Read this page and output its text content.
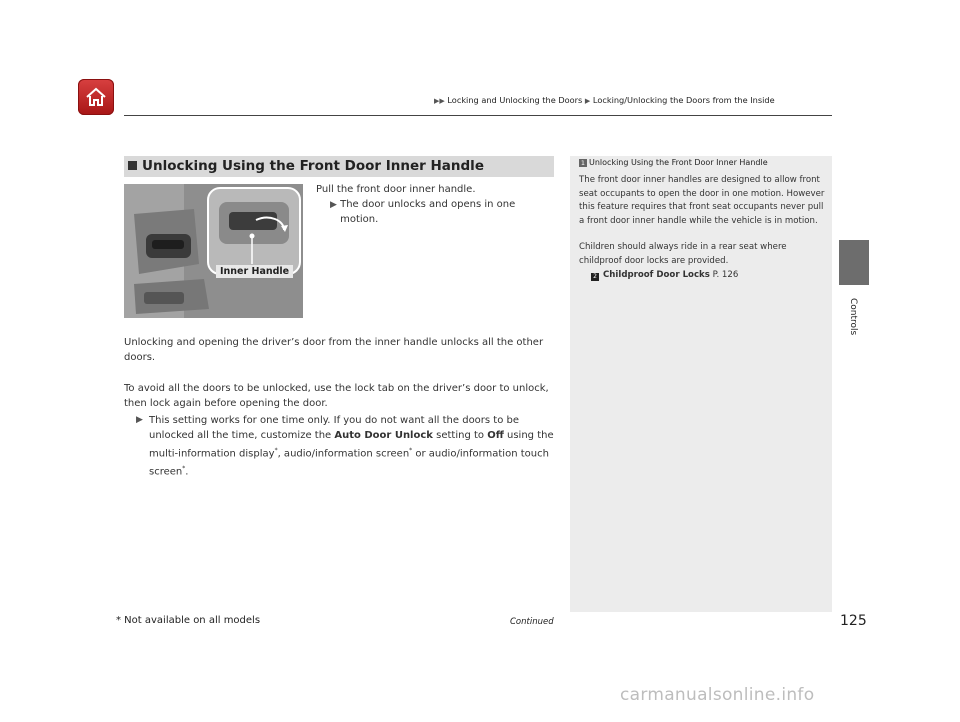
▶▶ Locking and Unlocking the Doors ▶ Locking/Unlocking the Doors from the Inside
Controls
Unlocking Using the Front Door Inner Handle
Inner Handle
Pull the front door inner handle.
▶ The door unlocks and opens in one motion.
Unlocking and opening the driver’s door from the inner handle unlocks all the other doors.
To avoid all the doors to be unlocked, use the lock tab on the driver’s door to unlock, then lock again before opening the door.
▶ This setting works for one time only. If you do not want all the doors to be unlocked all the time, customize the Auto Door Unlock setting to Off using the multi-information display*, audio/information screen* or audio/information touch screen*.
1 Unlocking Using the Front Door Inner Handle
The front door inner handles are designed to allow front seat occupants to open the door in one motion. However this feature requires that front seat occupants never pull a front door inner handle while the vehicle is in motion.
Children should always ride in a rear seat where childproof door locks are provided.
2 Childproof Door Locks P. 126
Continued
* Not available on all models	125
carmanualsonline.info
